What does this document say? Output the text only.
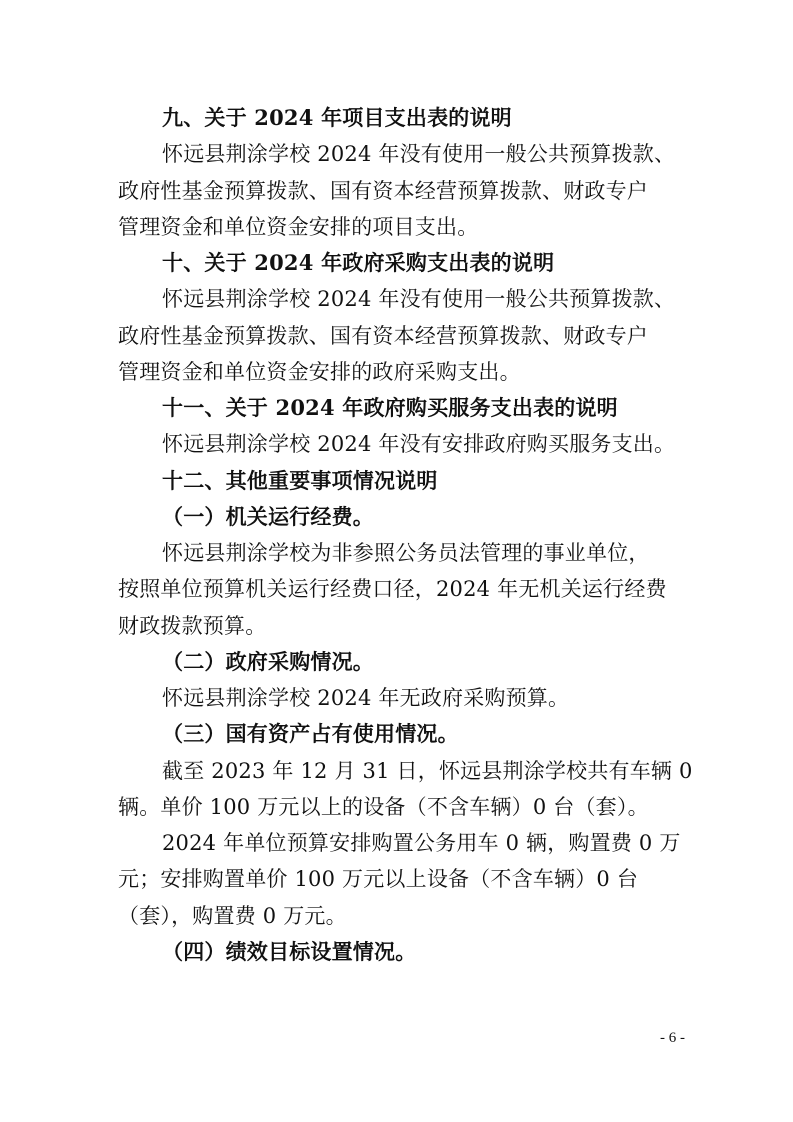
九、关于 2024 年项目支出表的说明
怀远县荆涂学校 2024 年没有使用一般公共预算拨款、
政府性基金预算拨款、国有资本经营预算拨款、财政专户
管理资金和单位资金安排的项目支出。
十、关于 2024 年政府采购支出表的说明
怀远县荆涂学校 2024 年没有使用一般公共预算拨款、
政府性基金预算拨款、国有资本经营预算拨款、财政专户
管理资金和单位资金安排的政府采购支出。
十一、关于 2024 年政府购买服务支出表的说明
怀远县荆涂学校 2024 年没有安排政府购买服务支出。
十二、其他重要事项情况说明
（一）机关运行经费。
怀远县荆涂学校为非参照公务员法管理的事业单位，
按照单位预算机关运行经费口径，2024 年无机关运行经费
财政拨款预算。
（二）政府采购情况。
怀远县荆涂学校 2024 年无政府采购预算。
（三）国有资产占有使用情况。
截至 2023 年 12 月 31 日，怀远县荆涂学校共有车辆 0
辆。单价 100 万元以上的设备（不含车辆）0 台（套）。
2024 年单位预算安排购置公务用车 0 辆，购置费 0 万
元；安排购置单价 100 万元以上设备（不含车辆）0 台
（套），购置费 0 万元。
（四）绩效目标设置情况。
- 6 -
